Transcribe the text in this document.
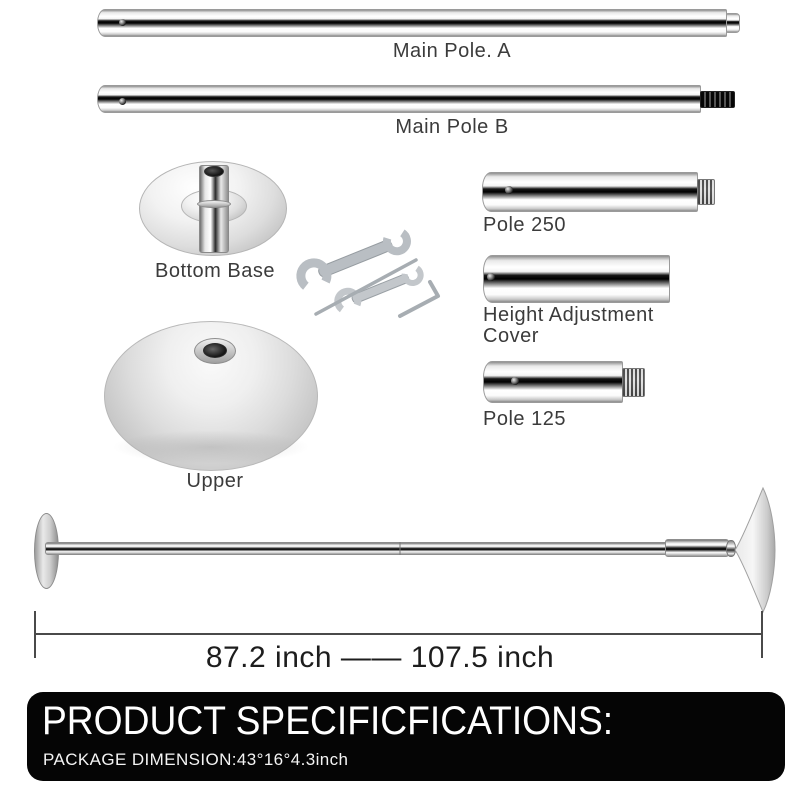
Main Pole. A
Main Pole B
Bottom Base
Pole 250
Height Adjustment
Cover
Pole 125
Upper
87.2 inch —— 107.5 inch
PRODUCT SPECIFICFICATIONS:
PACKAGE DIMENSION:43°16°4.3inch
